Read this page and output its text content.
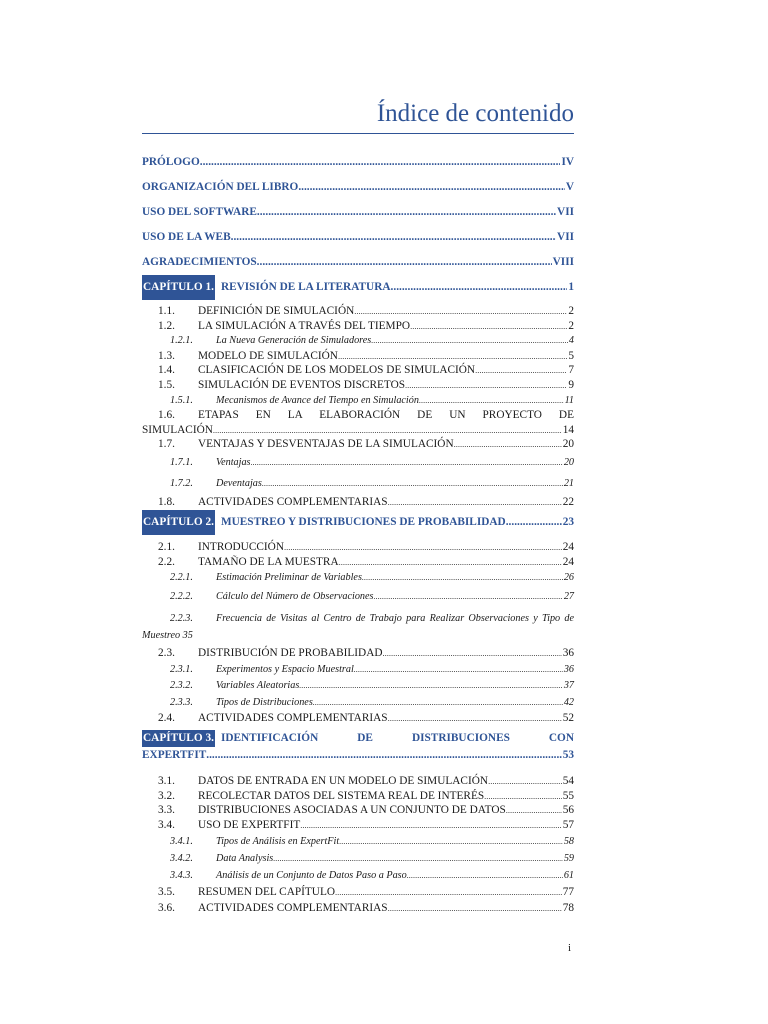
Índice de contenido
PRÓLOGO .....	IV
ORGANIZACIÓN DEL LIBRO .....	V
USO DEL SOFTWARE .....	VII
USO DE LA WEB .....	VII
AGRADECIMIENTOS .....	VIII
CAPÍTULO 1. REVISIÓN DE LA LITERATURA .....	1
1.1.	DEFINICIÓN DE SIMULACIÓN .....	2
1.2.	LA SIMULACIÓN A TRAVÉS DEL TIEMPO .....	2
1.2.1.	La Nueva Generación de Simuladores .....	4
1.3.	MODELO DE SIMULACIÓN .....	5
1.4.	CLASIFICACIÓN DE LOS MODELOS DE SIMULACIÓN .....	7
1.5.	SIMULACIÓN DE EVENTOS DISCRETOS .....	9
1.5.1.	Mecanismos de Avance del Tiempo en Simulación .....	11
1.6.	ETAPAS EN LA ELABORACIÓN DE UN PROYECTO DE
SIMULACIÓN .....	14
1.7.	VENTAJAS Y DESVENTAJAS DE LA SIMULACIÓN .....	20
1.7.1.	Ventajas .....	20
1.7.2.	Deventajas .....	21
1.8.	ACTIVIDADES COMPLEMENTARIAS .....	22
CAPÍTULO 2. MUESTREO Y DISTRIBUCIONES DE PROBABILIDAD .....	23
2.1.	INTRODUCCIÓN .....	24
2.2.	TAMAÑO DE LA MUESTRA .....	24
2.2.1.	Estimación Preliminar de Variables .....	26
2.2.2.	Cálculo del Número de Observaciones .....	27
2.2.3.	Frecuencia de Visitas al Centro de Trabajo para Realizar Observaciones y Tipo de
Muestreo 35
2.3.	DISTRIBUCIÓN DE PROBABILIDAD .....	36
2.3.1.	Experimentos y Espacio Muestral .....	36
2.3.2.	Variables Aleatorias .....	37
2.3.3.	Tipos de Distribuciones .....	42
2.4.	ACTIVIDADES COMPLEMENTARIAS .....	52
CAPÍTULO 3. IDENTIFICACIÓN DE DISTRIBUCIONES CON
EXPERTFIT .....	53
3.1.	DATOS DE ENTRADA EN UN MODELO DE SIMULACIÓN .....	54
3.2.	RECOLECTAR DATOS DEL SISTEMA REAL DE INTERÉS .....	55
3.3.	DISTRIBUCIONES ASOCIADAS A UN CONJUNTO DE DATOS .....	56
3.4.	USO DE EXPERTFIT .....	57
3.4.1.	Tipos de Análisis en ExpertFit .....	58
3.4.2.	Data Analysis .....	59
3.4.3.	Análisis de un Conjunto de Datos Paso a Paso .....	61
3.5.	RESUMEN DEL CAPÍTULO .....	77
3.6.	ACTIVIDADES COMPLEMENTARIAS .....	78
i
